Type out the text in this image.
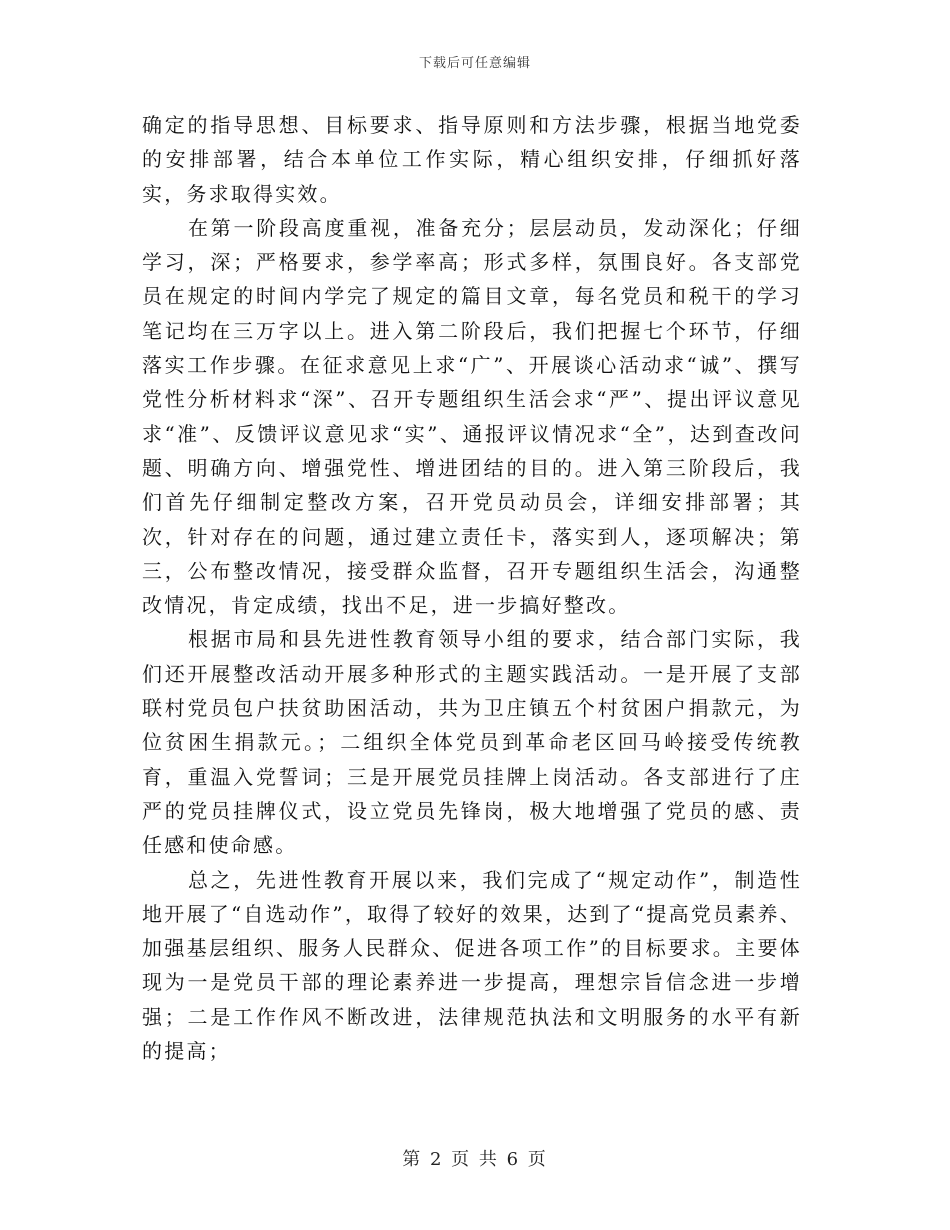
下载后可任意编辑

确定的指导思想、目标要求、指导原则和方法步骤，根据当地党委的安排部署，结合本单位工作实际，精心组织安排，仔细抓好落实，务求取得实效。

在第一阶段高度重视，准备充分；层层动员，发动深化；仔细学习，深；严格要求，参学率高；形式多样，氛围良好。各支部党员在规定的时间内学完了规定的篇目文章，每名党员和税干的学习笔记均在三万字以上。进入第二阶段后，我们把握七个环节，仔细落实工作步骤。在征求意见上求“广”、开展谈心活动求“诚”、撰写党性分析材料求“深”、召开专题组织生活会求“严”、提出评议意见求“准”、反馈评议意见求“实”、通报评议情况求“全”，达到查改问题、明确方向、增强党性、增进团结的目的。进入第三阶段后，我们首先仔细制定整改方案，召开党员动员会，详细安排部署；其次，针对存在的问题，通过建立责任卡，落实到人，逐项解决；第三，公布整改情况，接受群众监督，召开专题组织生活会，沟通整改情况，肯定成绩，找出不足，进一步搞好整改。

根据市局和县先进性教育领导小组的要求，结合部门实际，我们还开展整改活动开展多种形式的主题实践活动。一是开展了支部联村党员包户扶贫助困活动，共为卫庄镇五个村贫困户捐款元，为位贫困生捐款元。；二组织全体党员到革命老区回马岭接受传统教育，重温入党誓词；三是开展党员挂牌上岗活动。各支部进行了庄严的党员挂牌仪式，设立党员先锋岗，极大地增强了党员的感、责任感和使命感。

总之，先进性教育开展以来，我们完成了“规定动作”，制造性地开展了“自选动作”，取得了较好的效果，达到了“提高党员素养、加强基层组织、服务人民群众、促进各项工作”的目标要求。主要体现为一是党员干部的理论素养进一步提高，理想宗旨信念进一步增强；二是工作作风不断改进，法律规范执法和文明服务的水平有新的提高；

第 2 页 共 6 页
